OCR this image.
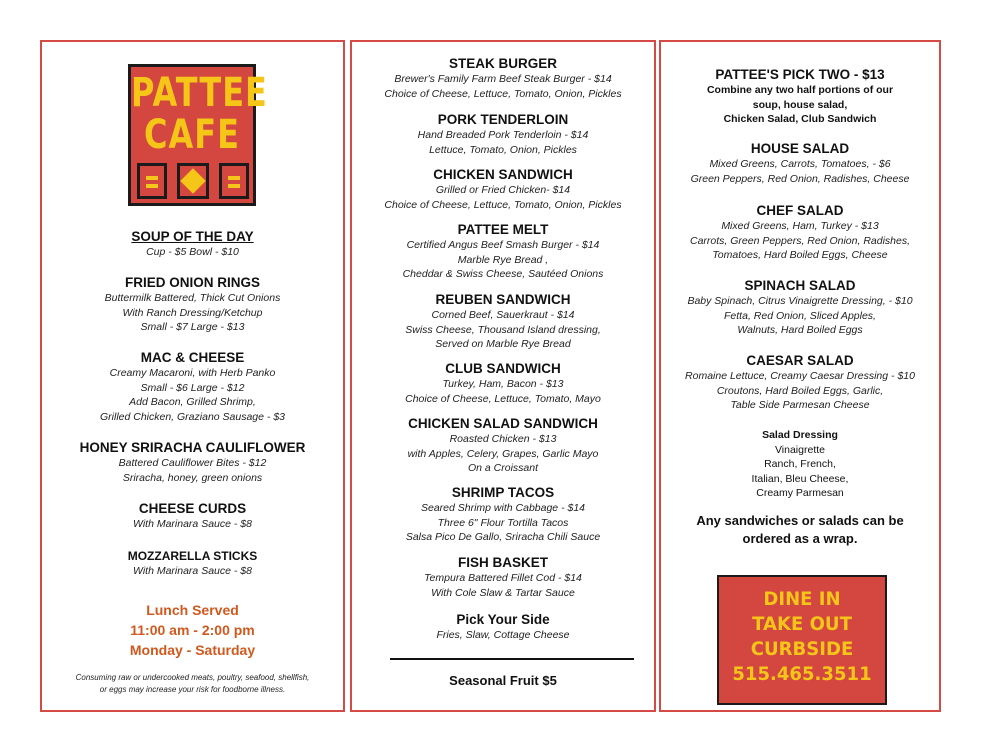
PATTEE
CAFE
SOUP OF THE DAY
Cup - $5 Bowl - $10
FRIED ONION RINGS
Buttermilk Battered, Thick Cut Onions
With Ranch Dressing/Ketchup
Small - $7 Large - $13
MAC & CHEESE
Creamy Macaroni, with Herb Panko
Small - $6 Large - $12
Add Bacon, Grilled Shrimp,
Grilled Chicken, Graziano Sausage - $3
HONEY SRIRACHA CAULIFLOWER
Battered Cauliflower Bites - $12
Sriracha, honey, green onions
CHEESE CURDS
With Marinara Sauce - $8
MOZZARELLA STICKS
With Marinara Sauce - $8
Lunch Served
11:00 am - 2:00 pm
Monday - Saturday
Consuming raw or undercooked meats, poultry, seafood, shellfish,
or eggs may increase your risk for foodborne illness.
STEAK BURGER
Brewer's Family Farm Beef Steak Burger - $14
Choice of Cheese, Lettuce, Tomato, Onion, Pickles
PORK TENDERLOIN
Hand Breaded Pork Tenderloin - $14
Lettuce, Tomato, Onion, Pickles
CHICKEN SANDWICH
Grilled or Fried Chicken- $14
Choice of Cheese, Lettuce, Tomato, Onion, Pickles
PATTEE MELT
Certified Angus Beef Smash Burger - $14
Marble Rye Bread ,
Cheddar & Swiss Cheese, Sautéed Onions
REUBEN SANDWICH
Corned Beef, Sauerkraut - $14
Swiss Cheese, Thousand Island dressing,
Served on Marble Rye Bread
CLUB SANDWICH
Turkey, Ham, Bacon - $13
Choice of Cheese, Lettuce, Tomato, Mayo
CHICKEN SALAD SANDWICH
Roasted Chicken - $13
with Apples, Celery, Grapes, Garlic Mayo
On a Croissant
SHRIMP TACOS
Seared Shrimp with Cabbage - $14
Three 6" Flour Tortilla Tacos
Salsa Pico De Gallo, Sriracha Chili Sauce
FISH BASKET
Tempura Battered Fillet Cod - $14
With Cole Slaw & Tartar Sauce
Pick Your Side
Fries, Slaw, Cottage Cheese
Seasonal Fruit $5
PATTEE'S PICK TWO - $13
Combine any two half portions of our
soup, house salad,
Chicken Salad, Club Sandwich
HOUSE SALAD
Mixed Greens, Carrots, Tomatoes, - $6
Green Peppers, Red Onion, Radishes, Cheese
CHEF SALAD
Mixed Greens, Ham, Turkey - $13
Carrots, Green Peppers, Red Onion, Radishes,
Tomatoes, Hard Boiled Eggs, Cheese
SPINACH SALAD
Baby Spinach, Citrus Vinaigrette Dressing, - $10
Fetta, Red Onion, Sliced Apples,
Walnuts, Hard Boiled Eggs
CAESAR SALAD
Romaine Lettuce, Creamy Caesar Dressing - $10
Croutons, Hard Boiled Eggs, Garlic,
Table Side Parmesan Cheese
Salad Dressing
Vinaigrette
Ranch, French,
Italian, Bleu Cheese,
Creamy Parmesan
Any sandwiches or salads can be
ordered as a wrap.
DINE IN
TAKE OUT
CURBSIDE
515.465.3511
